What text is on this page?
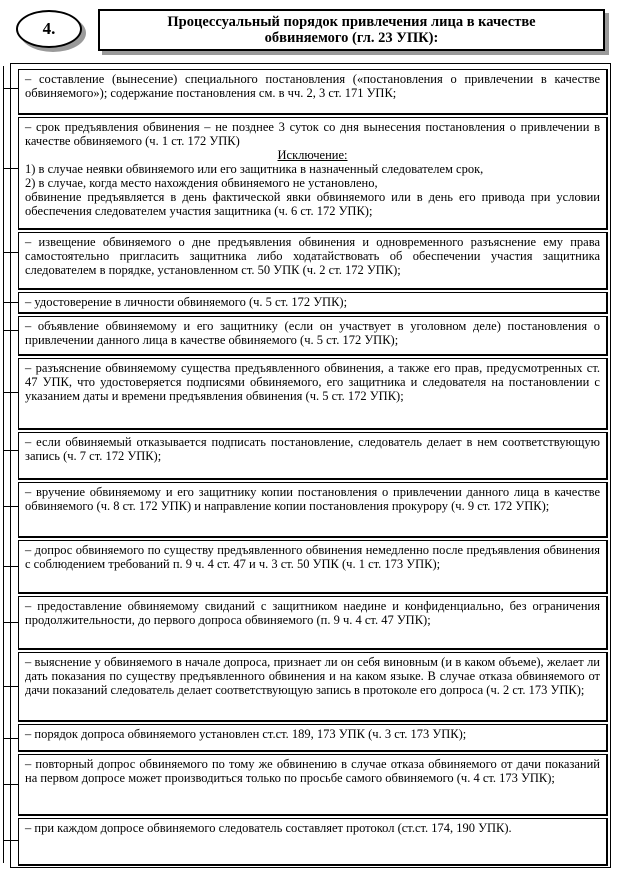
4.	Процессуальный порядок привлечения лица в качестве обвиняемого (гл. 23 УПК):

– составление (вынесение) специального постановления («постановления о привлечении в качестве обвиняемого»); содержание постановления см. в чч. 2, 3 ст. 171 УПК;

– срок предъявления обвинения – не позднее 3 суток со дня вынесения постановления о привлечении в качестве обвиняемого (ч. 1 ст. 172 УПК)

Исключение:

1) в случае неявки обвиняемого или его защитника в назначенный следователем срок,

2) в случае, когда место нахождения обвиняемого не установлено,

обвинение предъявляется в день фактической явки обвиняемого или в день его привода при условии обеспечения следователем участия защитника (ч. 6 ст. 172 УПК);

– извещение обвиняемого о дне предъявления обвинения и одновременного разъяснение ему права самостоятельно пригласить защитника либо ходатайствовать об обеспечении участия защитника следователем в порядке, установленном ст. 50 УПК (ч. 2 ст. 172 УПК);

– удостоверение в личности обвиняемого (ч. 5 ст. 172 УПК);

– объявление обвиняемому и его защитнику (если он участвует в уголовном деле) постановления о привлечении данного лица в качестве обвиняемого (ч. 5 ст. 172 УПК);

– разъяснение обвиняемому существа предъявленного обвинения, а также его прав, предусмотренных ст. 47 УПК, что удостоверяется подписями обвиняемого, его защитника и следователя на постановлении с указанием даты и времени предъявления обвинения (ч. 5 ст. 172 УПК);

– если обвиняемый отказывается подписать постановление, следователь делает в нем соответствующую запись (ч. 7 ст. 172 УПК);

– вручение обвиняемому и его защитнику копии постановления о привлечении данного лица в качестве обвиняемого (ч. 8 ст. 172 УПК) и направление копии постановления прокурору (ч. 9 ст. 172 УПК);

– допрос обвиняемого по существу предъявленного обвинения немедленно после предъявления обвинения с соблюдением требований п. 9 ч. 4 ст. 47 и ч. 3 ст. 50 УПК (ч. 1 ст. 173 УПК);

– предоставление обвиняемому свиданий с защитником наедине и конфиденциально, без ограничения продолжительности, до первого допроса обвиняемого (п. 9 ч. 4 ст. 47 УПК);

– выяснение у обвиняемого в начале допроса, признает ли он себя виновным (и в каком объеме), желает ли дать показания по существу предъявленного обвинения и на каком языке. В случае отказа обвиняемого от дачи показаний следователь делает соответствующую запись в протоколе его допроса (ч. 2 ст. 173 УПК);

– порядок допроса обвиняемого установлен ст.ст. 189, 173 УПК (ч. 3 ст. 173 УПК);

– повторный допрос обвиняемого по тому же обвинению в случае отказа обвиняемого от дачи показаний на первом допросе может производиться только по просьбе самого обвиняемого (ч. 4 ст. 173 УПК);

– при каждом допросе обвиняемого следователь составляет протокол (ст.ст. 174, 190 УПК).
